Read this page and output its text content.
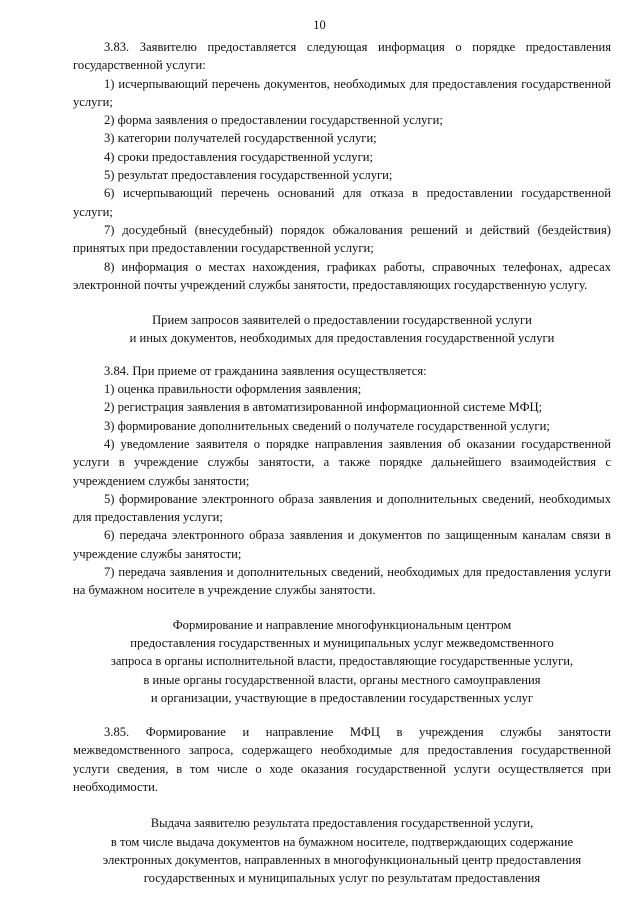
10

3.83. Заявителю предоставляется следующая информация о порядке предоставления государственной услуги:

1) исчерпывающий перечень документов, необходимых для предоставления государственной услуги;

2) форма заявления о предоставлении государственной услуги;

3) категории получателей государственной услуги;

4) сроки предоставления государственной услуги;

5) результат предоставления государственной услуги;

6) исчерпывающий перечень оснований для отказа в предоставлении государственной услуги;

7) досудебный (внесудебный) порядок обжалования решений и действий (бездействия) принятых при предоставлении государственной услуги;

8) информация о местах нахождения, графиках работы, справочных телефонах, адресах электронной почты учреждений службы занятости, предоставляющих государственную услугу.

Прием запросов заявителей о предоставлении государственной услуги
и иных документов, необходимых для предоставления государственной услуги

3.84. При приеме от гражданина заявления осуществляется:

1) оценка правильности оформления заявления;

2) регистрация заявления в автоматизированной информационной системе МФЦ;

3) формирование дополнительных сведений о получателе государственной услуги;

4) уведомление заявителя о порядке направления заявления об оказании государственной услуги в учреждение службы занятости, а также порядке дальнейшего взаимодействия с учреждением службы занятости;

5) формирование электронного образа заявления и дополнительных сведений, необходимых для предоставления услуги;

6) передача электронного образа заявления и документов по защищенным каналам связи в учреждение службы занятости;

7) передача заявления и дополнительных сведений, необходимых для предоставления услуги на бумажном носителе в учреждение службы занятости.

Формирование и направление многофункциональным центром
предоставления государственных и муниципальных услуг межведомственного
запроса в органы исполнительной власти, предоставляющие государственные услуги,
в иные органы государственной власти, органы местного самоуправления
и организации, участвующие в предоставлении государственных услуг

3.85. Формирование и направление МФЦ в учреждения службы занятости межведомственного запроса, содержащего необходимые для предоставления государственной услуги сведения, в том числе о ходе оказания государственной услуги осуществляется при необходимости.

Выдача заявителю результата предоставления государственной услуги,
в том числе выдача документов на бумажном носителе, подтверждающих содержание
электронных документов, направленных в многофункциональный центр предоставления
государственных и муниципальных услуг по результатам предоставления
